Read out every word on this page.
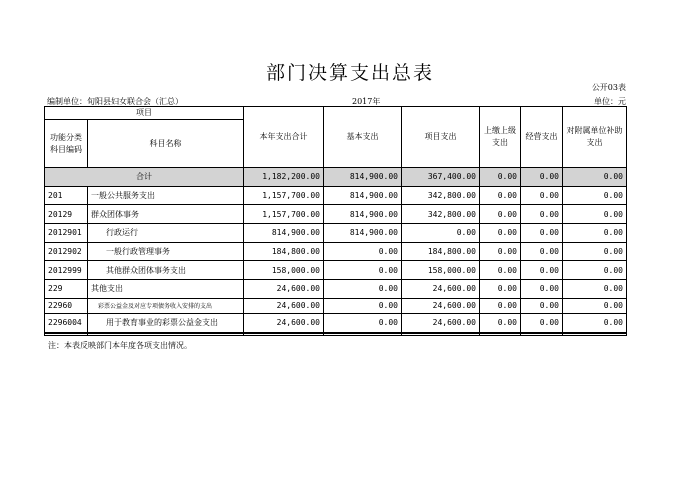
部门决算支出总表
公开03表
编制单位：旬阳县妇女联合会（汇总）	2017年	单位：元
项目		本年支出合计	基本支出	项目支出	上缴上级支出	经营支出	对附属单位补助支出
功能分类科目编码	科目名称						
合计		1,182,200.00	814,900.00	367,400.00	0.00	0.00	0.00
201	一般公共服务支出	1,157,700.00	814,900.00	342,800.00	0.00	0.00	0.00
20129	群众团体事务	1,157,700.00	814,900.00	342,800.00	0.00	0.00	0.00
2012901	行政运行	814,900.00	814,900.00	0.00	0.00	0.00	0.00
2012902	一般行政管理事务	184,800.00	0.00	184,800.00	0.00	0.00	0.00
2012999	其他群众团体事务支出	158,000.00	0.00	158,000.00	0.00	0.00	0.00
229	其他支出	24,600.00	0.00	24,600.00	0.00	0.00	0.00
22960	彩票公益金及对应专项债务收入安排的支出	24,600.00	0.00	24,600.00	0.00	0.00	0.00
2296004	用于教育事业的彩票公益金支出	24,600.00	0.00	24,600.00	0.00	0.00	0.00

注：本表反映部门本年度各项支出情况。
